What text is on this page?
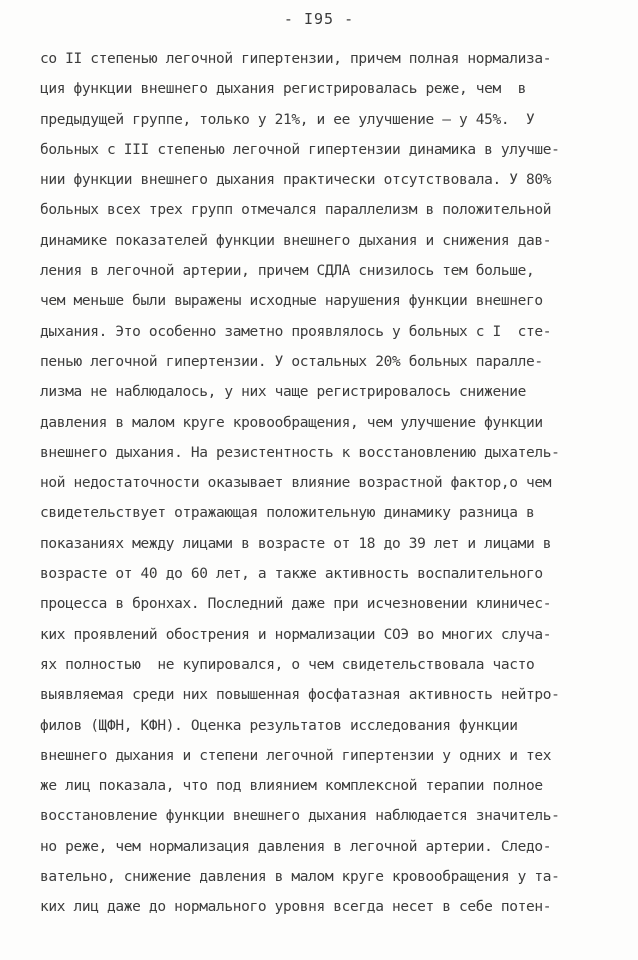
- I95 -
со II степенью легочной гипертензии, причем полная нормализа-
ция функции внешнего дыхания регистрировалась реже, чем  в
предыдущей группе, только у 21%, и ее улучшение – у 45%.  У
больных с III степенью легочной гипертензии динамика в улучше-
нии функции внешнего дыхания практически отсутствовала. У 80%
больных всех трех групп отмечался параллелизм в положительной
динамике показателей функции внешнего дыхания и снижения дав-
ления в легочной артерии, причем СДЛА снизилось тем больше,
чем меньше были выражены исходные нарушения функции внешнего
дыхания. Это особенно заметно проявлялось у больных с I  сте-
пенью легочной гипертензии. У остальных 20% больных паралле-
лизма не наблюдалось, у них чаще регистрировалось снижение
давления в малом круге кровообращения, чем улучшение функции
внешнего дыхания. На резистентность к восстановлению дыхатель-
ной недостаточности оказывает влияние возрастной фактор,о чем
свидетельствует отражающая положительную динамику разница в
показаниях между лицами в возрасте от 18 до 39 лет и лицами в
возрасте от 40 до 60 лет, а также активность воспалительного
процесса в бронхах. Последний даже при исчезновении клиничес-
ких проявлений обострения и нормализации СОЭ во многих случа-
ях полностью  не купировался, о чем свидетельствовала часто
выявляемая среди них повышенная фосфатазная активность нейтро-
филов (ЩФН, КФН). Оценка результатов исследования функции
внешнего дыхания и степени легочной гипертензии у одних и тех
же лиц показала, что под влиянием комплексной терапии полное
восстановление функции внешнего дыхания наблюдается значитель-
но реже, чем нормализация давления в легочной артерии. Следо-
вательно, снижение давления в малом круге кровообращения у та-
ких лиц даже до нормального уровня всегда несет в себе потен-
